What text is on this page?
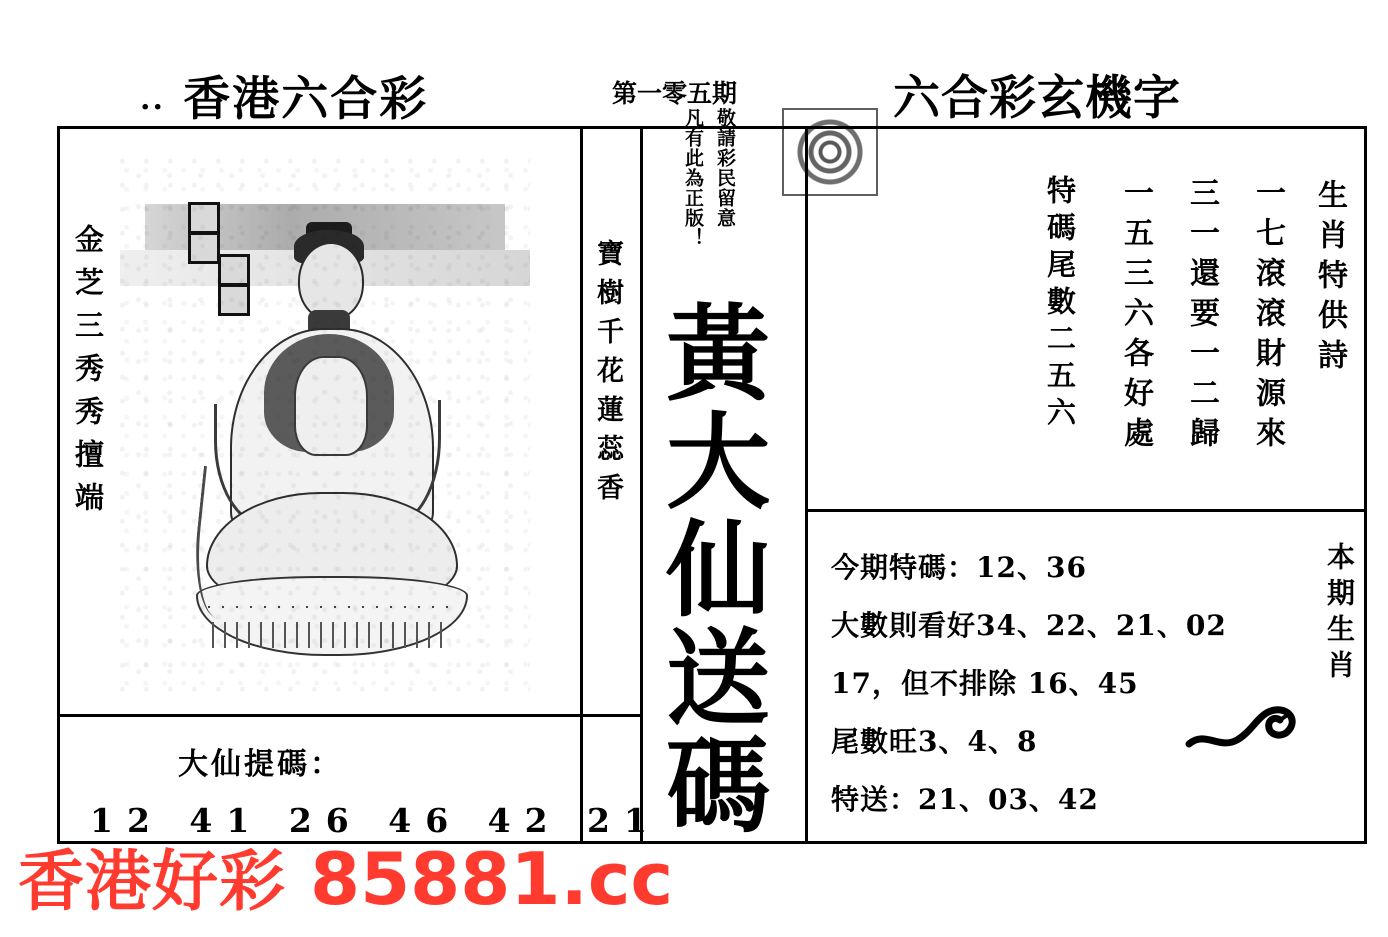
.. 香港六合彩	第一零五期	六合彩玄機字
敬請彩民留意
凡有此為正版！
金芝三秀秀擅端	寶樹千花蓮蕊香
大仙提碼：
12 41 26 46 42 21
黃大仙送碼
生肖特供詩
一七滾滾財源來
三一還要一二歸
一五三六各好處
特碼尾數二五六
今期特碼：12、36
大數則看好34、22、21、02
17，但不排除 16、45
尾數旺3、4、8
特送：21、03、42
本期生肖
香港好彩 85881.cc
